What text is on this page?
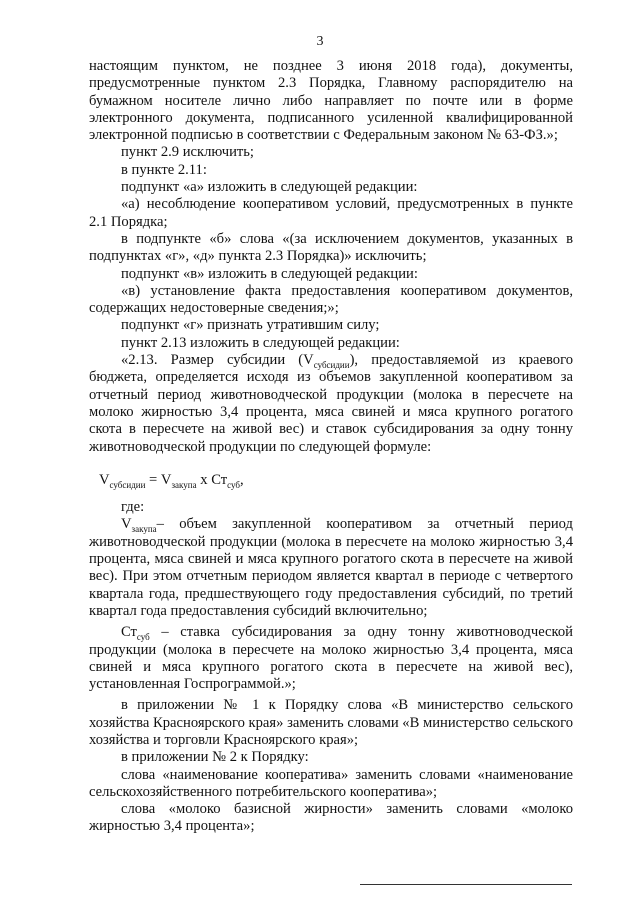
3

настоящим пунктом, не позднее 3 июня 2018 года), документы, предусмотренные пунктом 2.3 Порядка, Главному распорядителю на бумажном носителе лично либо направляет по почте или в форме электронного документа, подписанного усиленной квалифицированной электронной подписью в соответствии с Федеральным законом № 63-ФЗ.»;

пункт 2.9 исключить;

в пункте 2.11:

подпункт «а» изложить в следующей редакции:

«а) несоблюдение кооперативом условий, предусмотренных в пункте 2.1 Порядка;

в подпункте «б» слова «(за исключением документов, указанных в подпунктах «г», «д» пункта 2.3 Порядка)» исключить;

подпункт «в» изложить в следующей редакции:

«в) установление факта предоставления кооперативом документов, содержащих недостоверные сведения;»;

подпункт «г» признать утратившим силу;

пункт 2.13 изложить в следующей редакции:

«2.13. Размер субсидии $(V_{субсидии})$, предоставляемой из краевого бюджета, определяется исходя из объемов закупленной кооперативом за отчетный период животноводческой продукции (молока в пересчете на молоко жирностью 3,4 процента, мяса свиней и мяса крупного рогатого скота в пересчете на живой вес) и ставок субсидирования за одну тонну животноводческой продукции по следующей формуле:

$V_{субсидии} = V_{закупа}$ х $Ст_{суб}$,

где:

$V_{закупа}-$ объем закупленной кооперативом за отчетный период животноводческой продукции (молока в пересчете на молоко жирностью 3,4 процента, мяса свиней и мяса крупного рогатого скота в пересчете на живой вес). При этом отчетным периодом является квартал в периоде с четвертого квартала года, предшествующего году предоставления субсидий, по третий квартал года предоставления субсидий включительно;

$Ст_{суб}$ – ставка субсидирования за одну тонну животноводческой продукции (молока в пересчете на молоко жирностью 3,4 процента, мяса свиней и мяса крупного рогатого скота в пересчете на живой вес), установленная Госпрограммой.»;

в приложении № 1 к Порядку слова «В министерство сельского хозяйства Красноярского края» заменить словами «В министерство сельского хозяйства и торговли Красноярского края»;

в приложении № 2 к Порядку:

слова «наименование кооператива» заменить словами «наименование сельскохозяйственного потребительского кооператива»;

слова «молоко базисной жирности» заменить словами «молоко жирностью 3,4 процента»;
